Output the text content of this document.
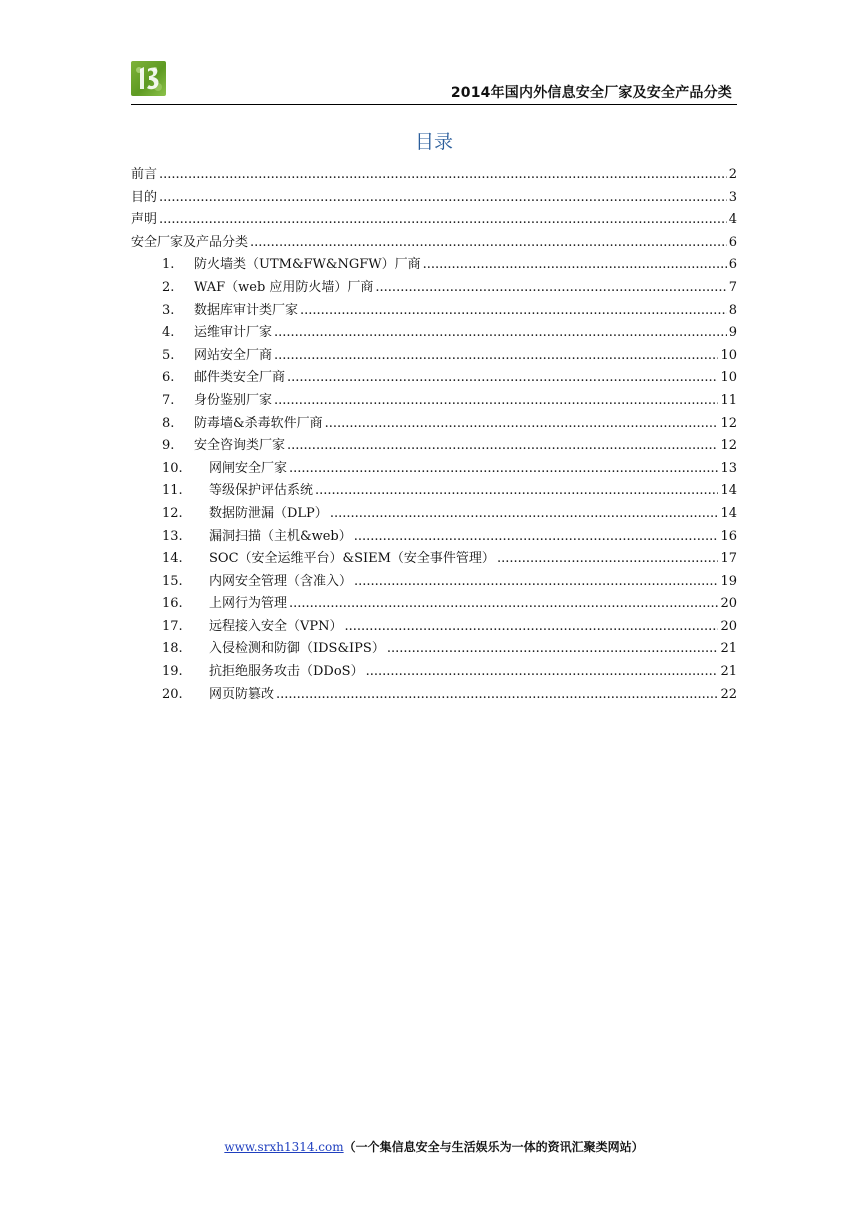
2014年国内外信息安全厂家及安全产品分类
目录
前言 .....	2
目的 .....	3
声明 .....	4
安全厂家及产品分类 .....	6
1.	防火墙类（UTM&FW&NGFW）厂商 .....	6
2.	WAF（web 应用防火墙）厂商 .....	7
3.	数据库审计类厂家 .....	8
4.	运维审计厂家 .....	9
5.	网站安全厂商 .....	10
6.	邮件类安全厂商 .....	10
7.	身份鉴别厂家 .....	11
8.	防毒墙&杀毒软件厂商 .....	12
9.	安全咨询类厂家 .....	12
10.	网闸安全厂家 .....	13
11.	等级保护评估系统 .....	14
12.	数据防泄漏（DLP） .....	14
13.	漏洞扫描（主机&web） .....	16
14.	SOC（安全运维平台）&SIEM（安全事件管理） .....	17
15.	内网安全管理（含准入） .....	19
16.	上网行为管理 .....	20
17.	远程接入安全（VPN） .....	20
18.	入侵检测和防御（IDS&IPS） .....	21
19.	抗拒绝服务攻击（DDoS） .....	21
20.	网页防篡改 .....	22
www.srxh1314.com（一个集信息安全与生活娱乐为一体的资讯汇聚类网站）
